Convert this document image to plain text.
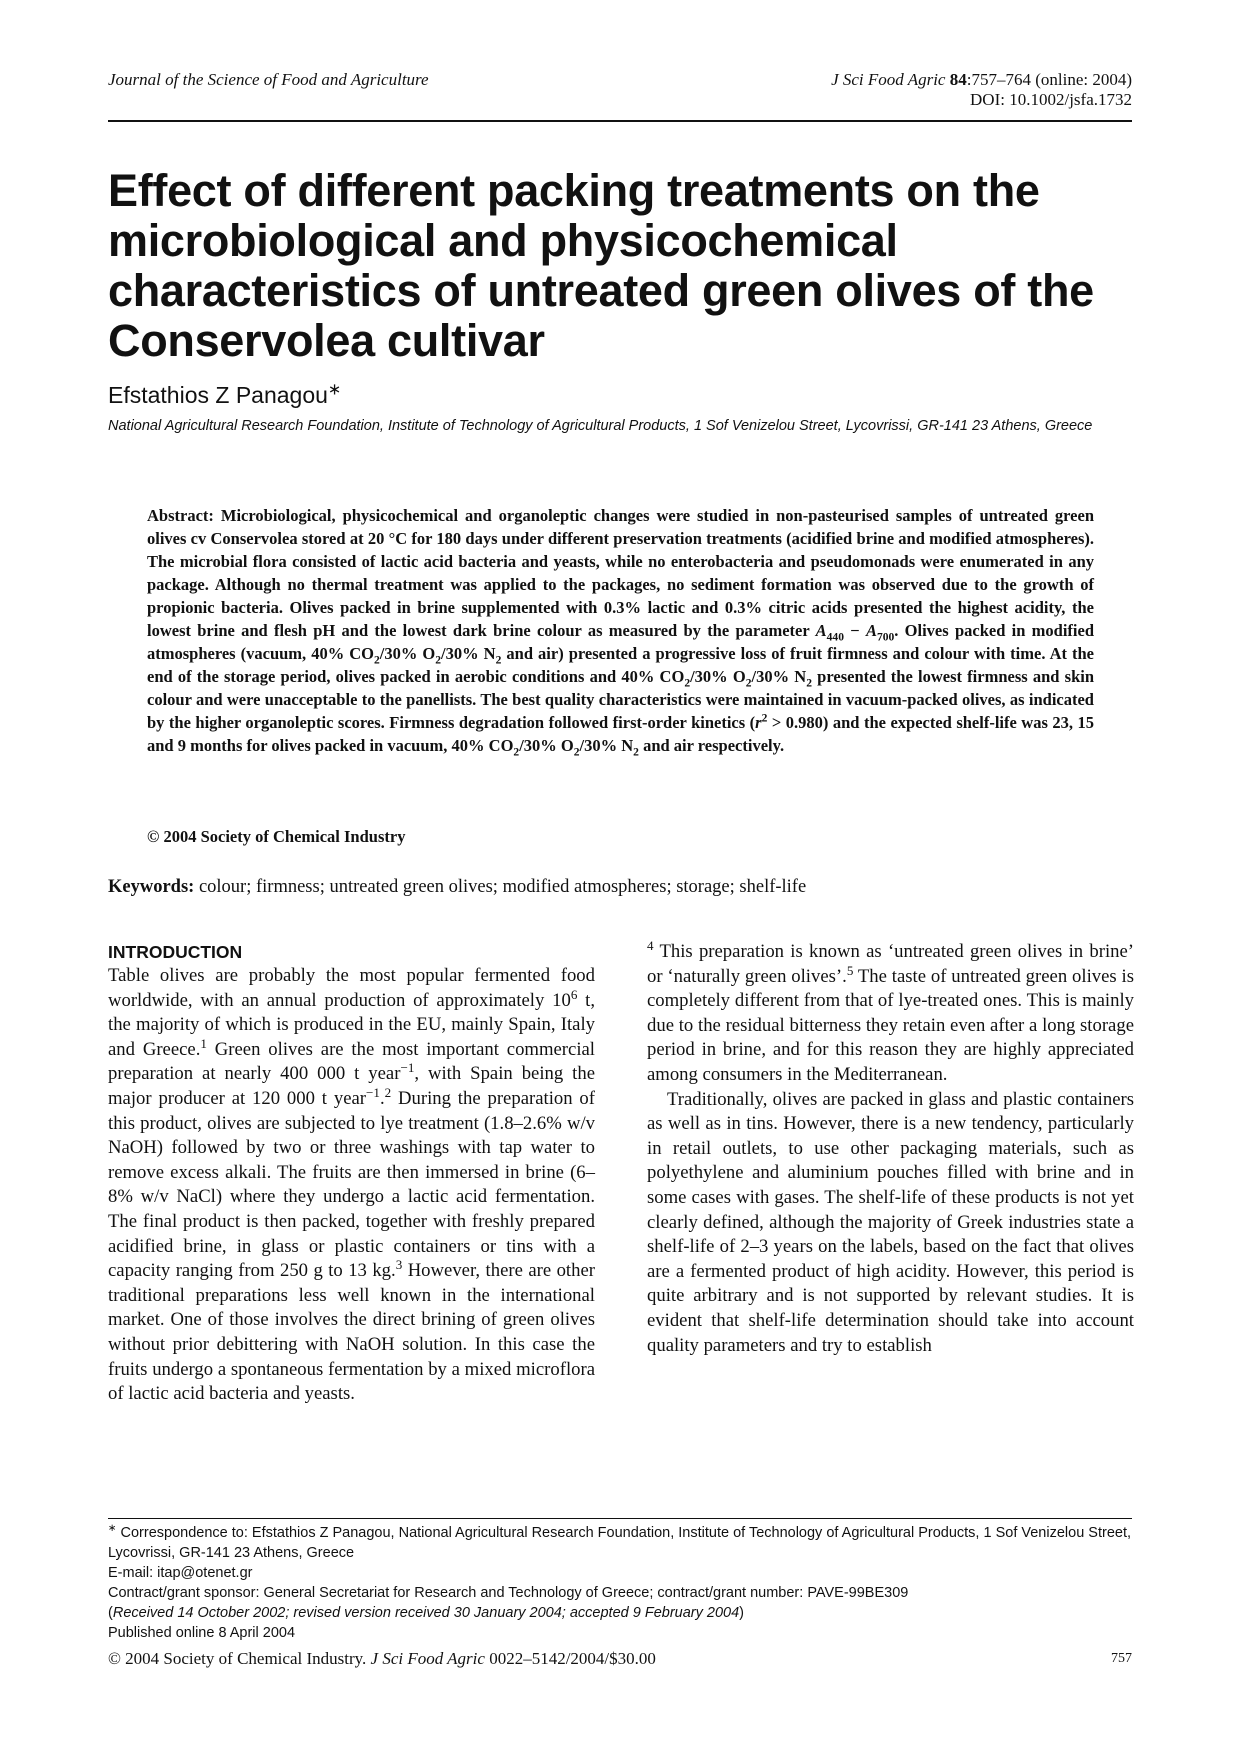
Journal of the Science of Food and Agriculture	J Sci Food Agric 84:757–764 (online: 2004)
DOI: 10.1002/jsfa.1732
Effect of different packing treatments on the microbiological and physicochemical characteristics of untreated green olives of the Conservolea cultivar
Efstathios Z Panagou∗
National Agricultural Research Foundation, Institute of Technology of Agricultural Products, 1 Sof Venizelou Street, Lycovrissi, GR-141 23 Athens, Greece

Abstract: Microbiological, physicochemical and organoleptic changes were studied in non-pasteurised samples of untreated green olives cv Conservolea stored at 20 °C for 180 days under different preservation treatments (acidified brine and modified atmospheres). The microbial flora consisted of lactic acid bacteria and yeasts, while no enterobacteria and pseudomonads were enumerated in any package. Although no thermal treatment was applied to the packages, no sediment formation was observed due to the growth of propionic bacteria. Olives packed in brine supplemented with 0.3% lactic and 0.3% citric acids presented the highest acidity, the lowest brine and flesh pH and the lowest dark brine colour as measured by the parameter $A_{440} - A_{700}$. Olives packed in modified atmospheres (vacuum, 40% $CO_2/30\%$ $O_2/30\%$ $N_2$ and air) presented a progressive loss of fruit firmness and colour with time. At the end of the storage period, olives packed in aerobic conditions and 40% $CO_2/30\%$ $O_2/30\%$ $N_2$ presented the lowest firmness and skin colour and were unacceptable to the panellists. The best quality characteristics were maintained in vacuum-packed olives, as indicated by the higher organoleptic scores. Firmness degradation followed first-order kinetics $(r^2 > 0.980)$ and the expected shelf-life was 23, 15 and 9 months for olives packed in vacuum, 40% $CO_2/30\%$ $O_2/30\%$ $N_2$ and air respectively.

© 2004 Society of Chemical Industry
Keywords: colour; firmness; untreated green olives; modified atmospheres; storage; shelf-life
INTRODUCTION

Table olives are probably the most popular fermented food worldwide, with an annual production of approximately $10^6$ t, the majority of which is produced in the EU, mainly Spain, Italy and Greece.$^1$ Green olives are the most important commercial preparation at nearly 400 000 t year$^{-1}$, with Spain being the major producer at 120 000 t year$^{-1}$.$^2$ During the preparation of this product, olives are subjected to lye treatment (1.8–2.6% w/v NaOH) followed by two or three washings with tap water to remove excess alkali. The fruits are then immersed in brine (6–8% w/v NaCl) where they undergo a lactic acid fermentation. The final product is then packed, together with freshly prepared acidified brine, in glass or plastic containers or tins with a capacity ranging from 250 g to 13 kg.$^3$ However, there are other traditional preparations less well known in the international market. One of those involves the direct brining of green olives without prior debittering with NaOH solution. In this case the fruits undergo a spontaneous fermentation by a mixed microflora of lactic acid bacteria and yeasts.

$^4$ This preparation is known as ‘untreated green olives in brine’ or ‘naturally green olives’.$^5$ The taste of untreated green olives is completely different from that of lye-treated ones. This is mainly due to the residual bitterness they retain even after a long storage period in brine, and for this reason they are highly appreciated among consumers in the Mediterranean.

Traditionally, olives are packed in glass and plastic containers as well as in tins. However, there is a new tendency, particularly in retail outlets, to use other packaging materials, such as polyethylene and aluminium pouches filled with brine and in some cases with gases. The shelf-life of these products is not yet clearly defined, although the majority of Greek industries state a shelf-life of 2–3 years on the labels, based on the fact that olives are a fermented product of high acidity. However, this period is quite arbitrary and is not supported by relevant studies. It is evident that shelf-life determination should take into account quality parameters and try to establish

∗ Correspondence to: Efstathios Z Panagou, National Agricultural Research Foundation, Institute of Technology of Agricultural Products, 1 Sof Venizelou Street, Lycovrissi, GR-141 23 Athens, Greece
E-mail: itap@otenet.gr
Contract/grant sponsor: General Secretariat for Research and Technology of Greece; contract/grant number: PAVE-99BE309
(Received 14 October 2002; revised version received 30 January 2004; accepted 9 February 2004)
Published online 8 April 2004
© 2004 Society of Chemical Industry. J Sci Food Agric 0022–5142/2004/$30.00	757
